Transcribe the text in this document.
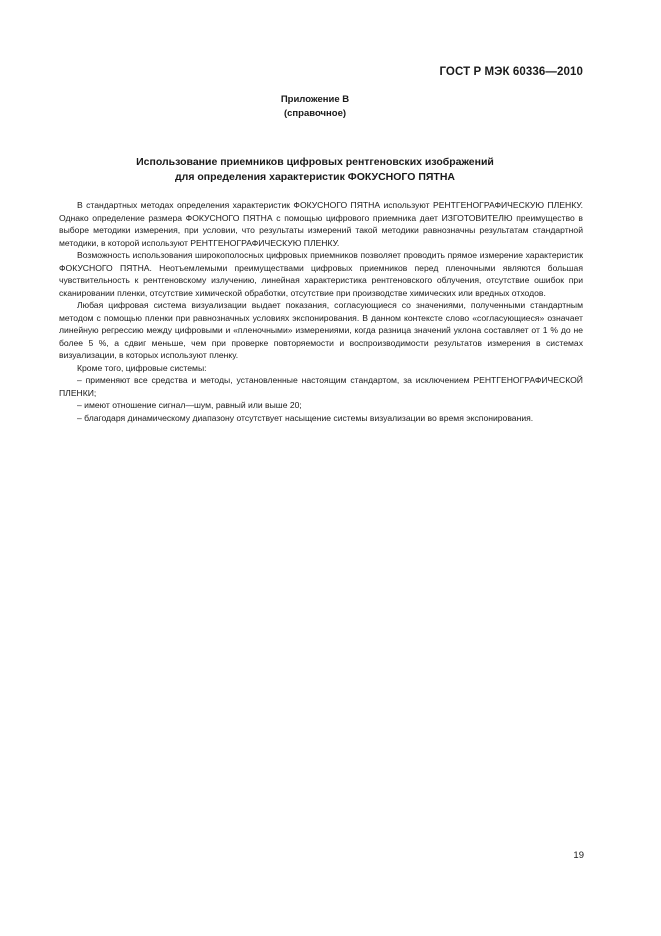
ГОСТ Р МЭК 60336—2010
Приложение В
(справочное)
Использование приемников цифровых рентгеновских изображений
для определения характеристик ФОКУСНОГО ПЯТНА

В стандартных методах определения характеристик ФОКУСНОГО ПЯТНА используют РЕНТГЕНОГРАФИЧЕСКУЮ ПЛЕНКУ. Однако определение размера ФОКУСНОГО ПЯТНА с помощью цифрового приемника дает ИЗГОТОВИТЕЛЮ преимущество в выборе методики измерения, при условии, что результаты измерений такой методики равнозначны результатам стандартной методики, в которой используют РЕНТГЕНОГРАФИЧЕСКУЮ ПЛЕНКУ.

Возможность использования широкополосных цифровых приемников позволяет проводить прямое измерение характеристик ФОКУСНОГО ПЯТНА. Неотъемлемыми преимуществами цифровых приемников перед пленочными являются большая чувствительность к рентгеновскому излучению, линейная характеристика рентгеновского облучения, отсутствие ошибок при сканировании пленки, отсутствие химической обработки, отсутствие при производстве химических или вредных отходов.

Любая цифровая система визуализации выдает показания, согласующиеся со значениями, полученными стандартным методом с помощью пленки при равнозначных условиях экспонирования. В данном контексте слово «согласующиеся» означает линейную регрессию между цифровыми и «пленочными» измерениями, когда разница значений уклона составляет от 1 % до не более 5 %, а сдвиг меньше, чем при проверке повторяемости и воспроизводимости результатов измерения в системах визуализации, в которых используют пленку.

Кроме того, цифровые системы:

– применяют все средства и методы, установленные настоящим стандартом, за исключением РЕНТГЕНОГРАФИЧЕСКОЙ ПЛЕНКИ;

– имеют отношение сигнал—шум, равный или выше 20;

– благодаря динамическому диапазону отсутствует насыщение системы визуализации во время экспонирования.

19
